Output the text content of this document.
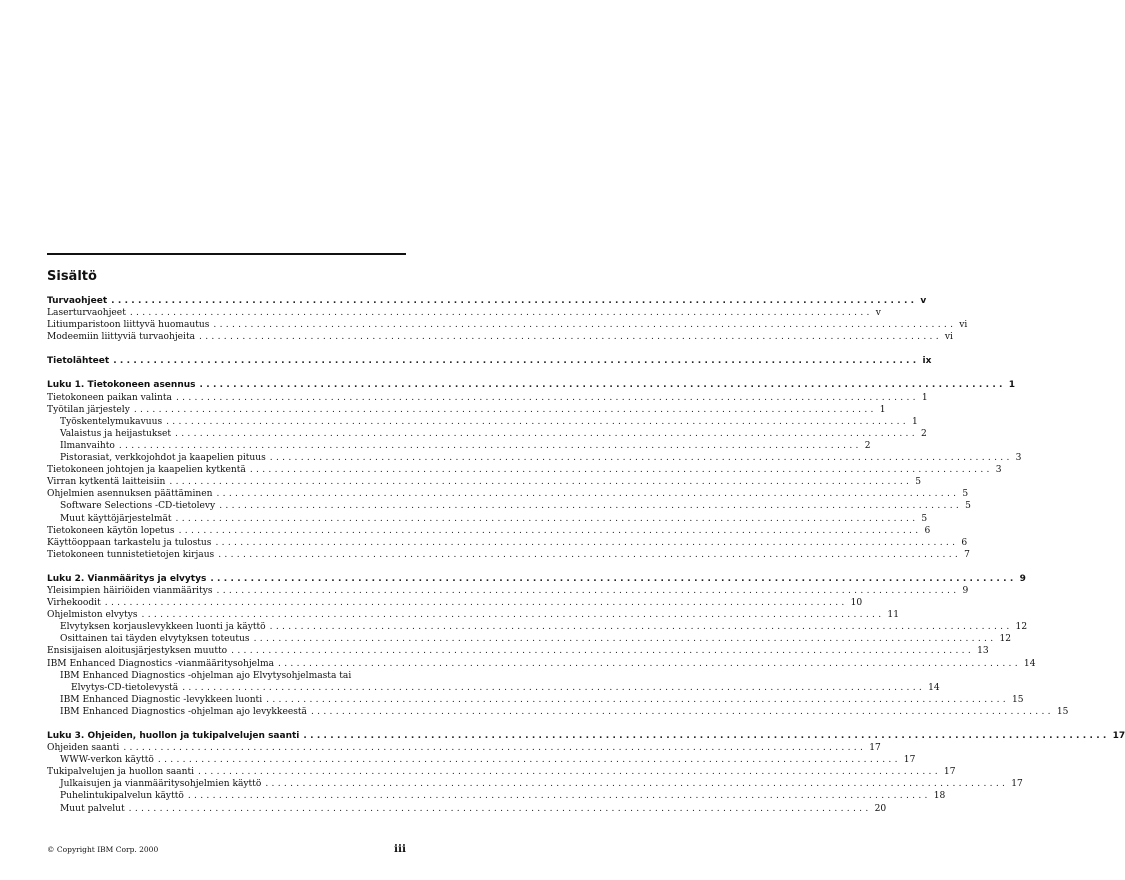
Sisältö
Turvaohjeet ........................................................................................................................ v
Laserturvaohjeet ........................................................................................................................ v
Litiumparistoon liittyvä huomautus ........................................................................................................................ vi
Modeemiin liittyviä turvaohjeita ........................................................................................................................ vi
Tietolähteet ........................................................................................................................ ix
Luku 1. Tietokoneen asennus ........................................................................................................................ 1
Tietokoneen paikan valinta ........................................................................................................................ 1
Työtilan järjestely ........................................................................................................................ 1
Työskentelymukavuus ........................................................................................................................ 1
Valaistus ja heijastukset ........................................................................................................................ 2
Ilmanvaihto ........................................................................................................................ 2
Pistorasiat, verkkojohdot ja kaapelien pituus ........................................................................................................................ 3
Tietokoneen johtojen ja kaapelien kytkentä ........................................................................................................................ 3
Virran kytkentä laitteisiin ........................................................................................................................ 5
Ohjelmien asennuksen päättäminen ........................................................................................................................ 5
Software Selections -CD-tietolevy ........................................................................................................................ 5
Muut käyttöjärjestelmät ........................................................................................................................ 5
Tietokoneen käytön lopetus ........................................................................................................................ 6
Käyttöoppaan tarkastelu ja tulostus ........................................................................................................................ 6
Tietokoneen tunnistetietojen kirjaus ........................................................................................................................ 7
Luku 2. Vianmääritys ja elvytys ........................................................................................................................ 9
Yleisimpien häiriöiden vianmääritys ........................................................................................................................ 9
Virhekoodit ........................................................................................................................ 10
Ohjelmiston elvytys ........................................................................................................................ 11
Elvytyksen korjauslevykkeen luonti ja käyttö ........................................................................................................................ 12
Osittainen tai täyden elvytyksen toteutus ........................................................................................................................ 12
Ensisijaisen aloitusjärjestyksen muutto ........................................................................................................................ 13
IBM Enhanced Diagnostics -vianmääritysohjelma ........................................................................................................................ 14
IBM Enhanced Diagnostics -ohjelman ajo Elvytysohjelmasta tai
Elvytys-CD-tietolevystä ........................................................................................................................ 14
IBM Enhanced Diagnostic -levykkeen luonti ........................................................................................................................ 15
IBM Enhanced Diagnostics -ohjelman ajo levykkeestä ........................................................................................................................ 15
Luku 3. Ohjeiden, huollon ja tukipalvelujen saanti ........................................................................................................................ 17
Ohjeiden saanti ........................................................................................................................ 17
WWW-verkon käyttö ........................................................................................................................ 17
Tukipalvelujen ja huollon saanti ........................................................................................................................ 17
Julkaisujen ja vianmääritysohjelmien käyttö ........................................................................................................................ 17
Puhelintukipalvelun käyttö ........................................................................................................................ 18
Muut palvelut ........................................................................................................................ 20
© Copyright IBM Corp. 2000	iii
